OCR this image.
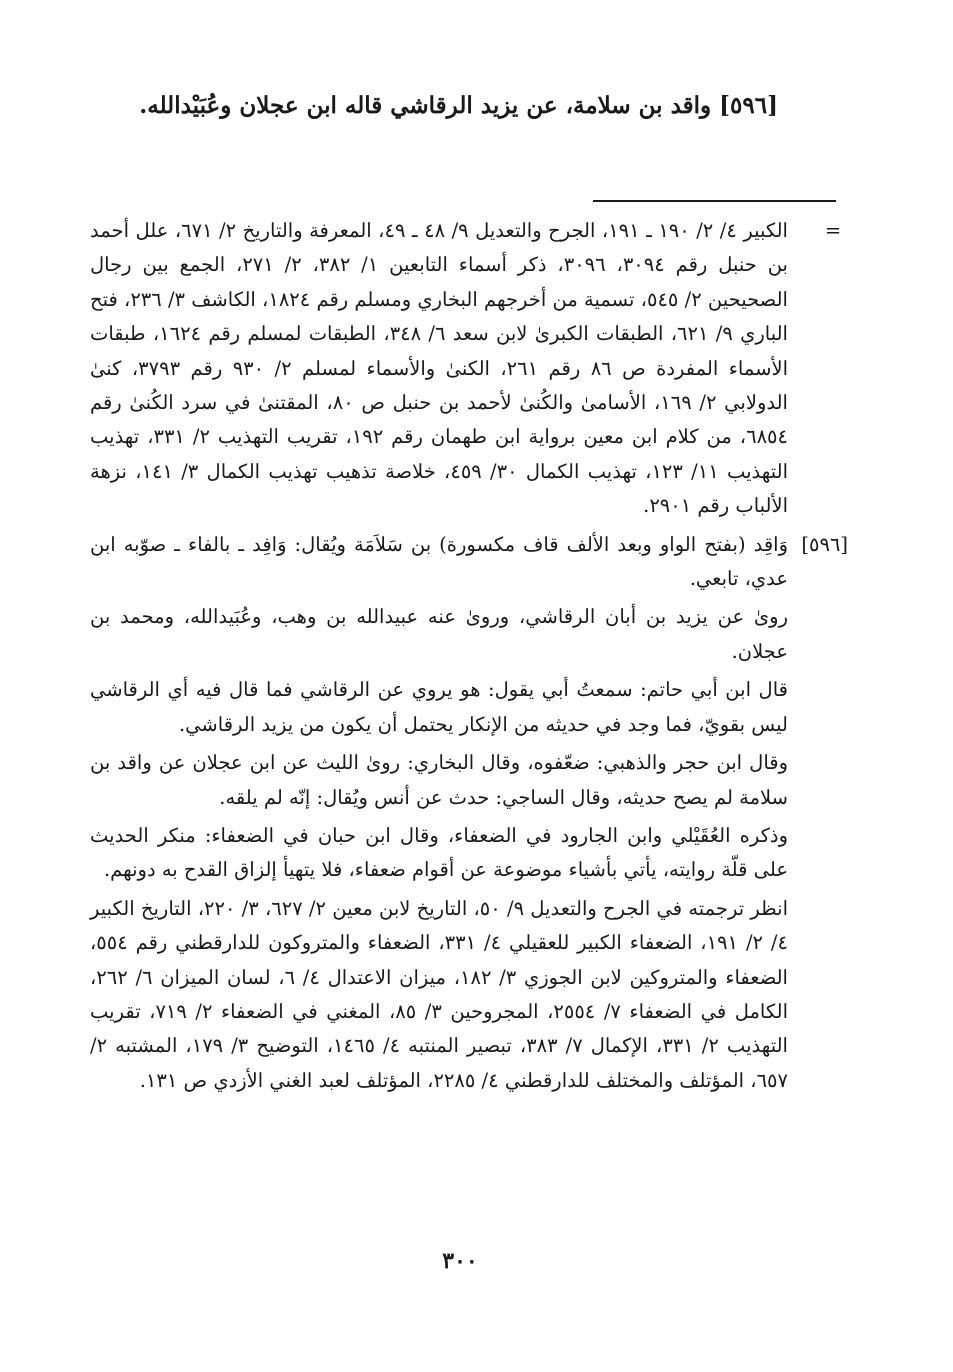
[٥٩٦] واقد بن سلامة، عن يزيد الرقاشي قاله ابن عجلان وعُبَيْدالله.
=
الكبير ٤/ ٢/ ١٩٠ ـ ١٩١، الجرح والتعديل ٩/ ٤٨ ـ ٤٩، المعرفة والتاريخ ٢/ ٦٧١، علل أحمد بن حنبل رقم ٣٠٩٤، ٣٠٩٦، ذكر أسماء التابعين ١/ ٣٨٢، ٢/ ٢٧١، الجمع بين رجال الصحيحين ٢/ ٥٤٥، تسمية من أخرجهم البخاري ومسلم رقم ١٨٢٤، الكاشف ٣/ ٢٣٦، فتح الباري ٩/ ٦٢١، الطبقات الكبرىٰ لابن سعد ٦/ ٣٤٨، الطبقات لمسلم رقم ١٦٢٤، طبقات الأسماء المفردة ص ٨٦ رقم ٢٦١، الكنىٰ والأسماء لمسلم ٢/ ٩٣٠ رقم ٣٧٩٣، كنىٰ الدولابي ٢/ ١٦٩، الأسامىٰ والكُنىٰ لأحمد بن حنبل ص ٨٠، المقتنىٰ في سرد الكُنىٰ رقم ٦٨٥٤، من كلام ابن معين برواية ابن طهمان رقم ١٩٢، تقريب التهذيب ٢/ ٣٣١، تهذيب التهذيب ١١/ ١٢٣، تهذيب الكمال ٣٠/ ٤٥٩، خلاصة تذهيب تهذيب الكمال ٣/ ١٤١، نزهة الألباب رقم ٢٩٠١.
[٥٩٦]
وَاقِد (بفتح الواو وبعد الألف قاف مكسورة) بن سَلاَمَة ويُقال: وَافِد ـ بالفاء ـ صوّبه ابن عدي، تابعي.

روىٰ عن يزيد بن أبان الرقاشي، وروىٰ عنه عبيدالله بن وهب، وعُبَيدالله، ومحمد بن عجلان.

قال ابن أبي حاتم: سمعتُ أبي يقول: هو يروي عن الرقاشي فما قال فيه أي الرقاشي ليس بقويّ، فما وجد في حديثه من الإنكار يحتمل أن يكون من يزيد الرقاشي.

وقال ابن حجر والذهبي: ضعّفوه، وقال البخاري: روىٰ الليث عن ابن عجلان عن واقد بن سلامة لم يصح حديثه، وقال الساجي: حدث عن أنس ويُقال: إنّه لم يلقه.

وذكره العُقَيْلي وابن الجارود في الضعفاء، وقال ابن حبان في الضعفاء: منكر الحديث على قلّة روايته، يأتي بأشياء موضوعة عن أقوام ضعفاء، فلا يتهيأ إلزاق القدح به دونهم.

انظر ترجمته في الجرح والتعديل ٩/ ٥٠، التاريخ لابن معين ٢/ ٦٢٧، ٣/ ٢٢٠، التاريخ الكبير ٤/ ٢/ ١٩١، الضعفاء الكبير للعقيلي ٤/ ٣٣١، الضعفاء والمتروكون للدارقطني رقم ٥٥٤، الضعفاء والمتروكين لابن الجوزي ٣/ ١٨٢، ميزان الاعتدال ٤/ ٦، لسان الميزان ٦/ ٢٦٢، الكامل في الضعفاء ٧/ ٢٥٥٤، المجروحين ٣/ ٨٥، المغني في الضعفاء ٢/ ٧١٩، تقريب التهذيب ٢/ ٣٣١، الإكمال ٧/ ٣٨٣، تبصير المنتبه ٤/ ١٤٦٥، التوضيح ٣/ ١٧٩، المشتبه ٢/ ٦٥٧، المؤتلف والمختلف للدارقطني ٤/ ٢٢٨٥، المؤتلف لعبد الغني الأزدي ص ١٣١.

٣٠٠
